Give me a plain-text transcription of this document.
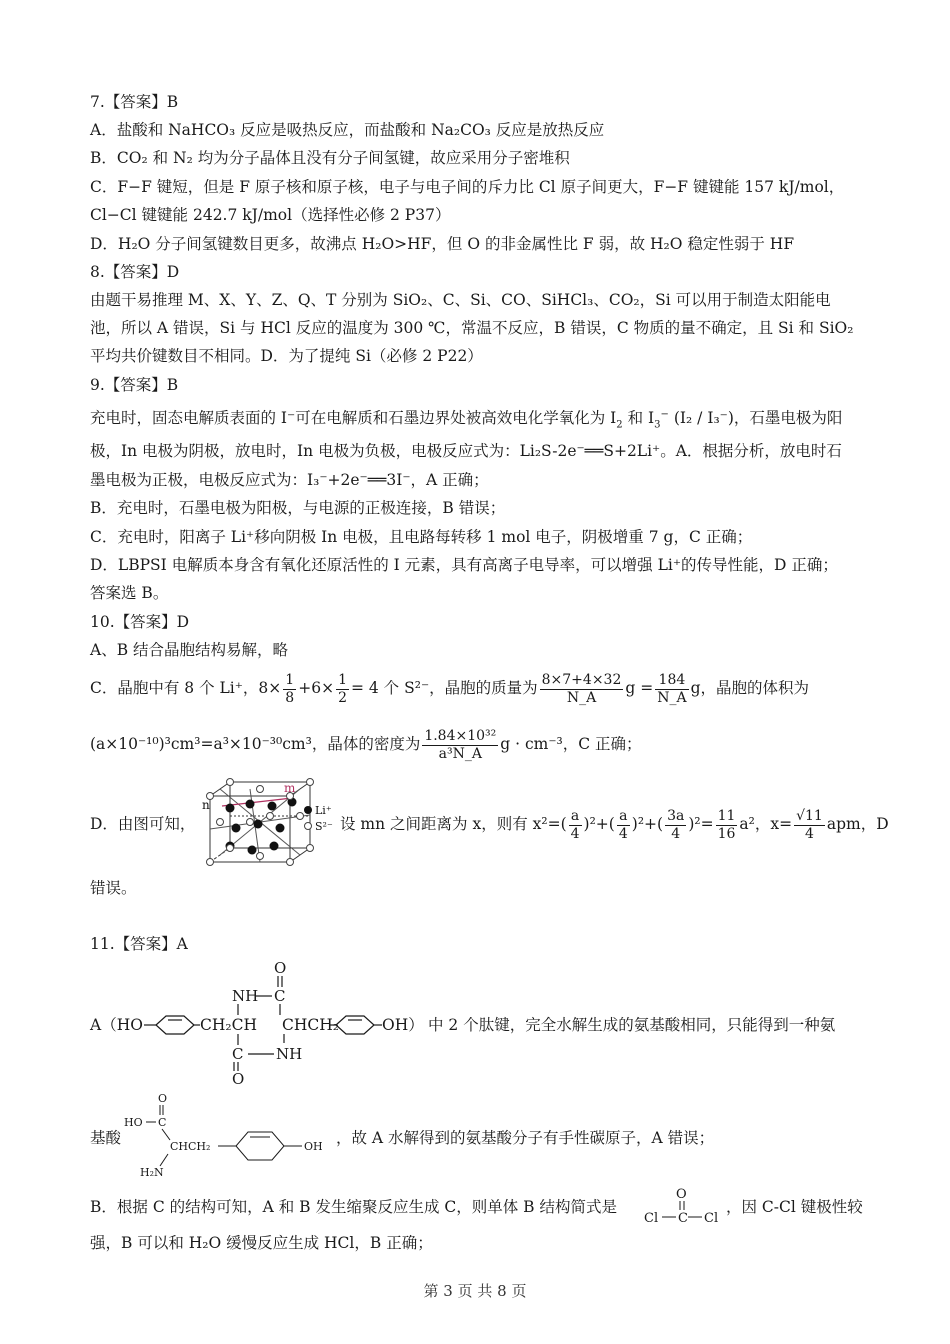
7.【答案】B
A．盐酸和 NaHCO₃ 反应是吸热反应，而盐酸和 Na₂CO₃ 反应是放热反应
B．CO₂ 和 N₂ 均为分子晶体且没有分子间氢键，故应采用分子密堆积
C．F−F 键短，但是 F 原子核和原子核，电子与电子间的斥力比 Cl 原子间更大，F−F 键键能 157 kJ/mol，
Cl−Cl 键键能 242.7 kJ/mol（选择性必修 2 P37）
D．H₂O 分子间氢键数目更多，故沸点 H₂O>HF，但 O 的非金属性比 F 弱，故 H₂O 稳定性弱于 HF
8.【答案】D
由题干易推理 M、X、Y、Z、Q、T 分别为 SiO₂、C、Si、CO、SiHCl₃、CO₂，Si 可以用于制造太阳能电
池，所以 A 错误，Si 与 HCl 反应的温度为 300 ℃，常温不反应，B 错误，C 物质的量不确定，且 Si 和 SiO₂
平均共价键数目不相同。D．为了提纯 Si（必修 2 P22）
9.【答案】B
充电时，固态电解质表面的 I⁻可在电解质和石墨边界处被高效电化学氧化为 $I_2$ 和 $I_3^-$ (I₂ / I₃⁻)，石墨电极为阳
极，In 电极为阴极，放电时，In 电极为负极，电极反应式为：Li₂S-2e⁻══S+2Li⁺。A．根据分析，放电时石
墨电极为正极，电极反应式为：I₃⁻+2e⁻══3I⁻，A 正确；
B．充电时，石墨电极为阳极，与电源的正极连接，B 错误；
C．充电时，阳离子 Li⁺移向阴极 In 电极，且电路每转移 1 mol 电子，阴极增重 7 g，C 正确；
D．LBPSI 电解质本身含有氧化还原活性的 I 元素，具有高离子电导率，可以增强 Li⁺的传导性能，D 正确；
答案选 B。
10.【答案】D
A、B 结合晶胞结构易解，略
C．晶胞中有 8 个 Li⁺，$8\times \frac{1}{8} +6\times \frac{1}{2} = 4$ 个 S²⁻，晶胞的质量为 $\frac{8\times 7+4\times 32}{N\_A}$ $g = \frac{184}{N\_A}$ g，晶胞的体积为
(a×10⁻¹⁰)³cm³=a³×10⁻³⁰cm³，晶体的密度为 $\frac{\text{1.84×10³²}}{\text{a³N\_A}}$ g · cm⁻³，C 正确；
D．由图可知，
n
m
Li⁺
S²⁻ 设 mn 之间距离为 x，则有 $x^2=( \frac{a}{4} )^2+( \frac{a}{4} )^2+( \frac{3a}{4} )^2= \frac{11}{16} a^2$，$x= \frac{√11}{4}$ apm，D
错误。
11.【答案】A
A（HO	CH₂CH CHCH₂
O
NH C
C NH
O
OH） 中 2 个肽键，完全水解生成的氨基酸相同，只能得到一种氨
基酸
HO
O
C
CHCH₂
H₂N
OH ，故 A 水解得到的氨基酸分子有手性碳原子，A 错误；
B．根据 C 的结构可知，A 和 B 发生缩聚反应生成 C，则单体 B 结构简式是
O
Cl C Cl
，因 C-Cl 键极性较
强，B 可以和 H₂O 缓慢反应生成 HCl，B 正确；
第 3 页 共 8 页
